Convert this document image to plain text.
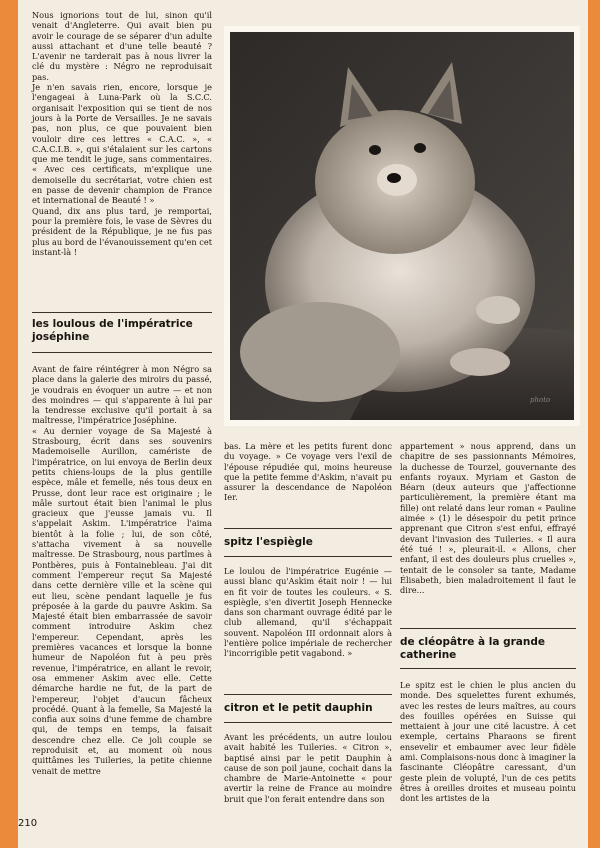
Nous ignorions tout de lui, sinon qu'il venait d'Angleterre. Qui avait bien pu avoir le courage de se séparer d'un adulte aussi attachant et d'une telle beauté ? L'avenir ne tarderait pas à nous livrer la clé du mystère : Négro ne reproduisait pas.

Je n'en savais rien, encore, lorsque je l'engageai à Luna-Park où la S.C.C. organisait l'exposition qui se tient de nos jours à la Porte de Versailles. Je ne savais pas, non plus, ce que pouvaient bien vouloir dire ces lettres « C.A.C. », « C.A.C.I.B. », qui s'étalaient sur les cartons que me tendit le juge, sans commentaires. « Avec ces certificats, m'explique une demoiselle du secrétariat, votre chien est en passe de devenir champion de France et international de Beauté ! »

Quand, dix ans plus tard, je remportai, pour la première fois, le vase de Sèvres du président de la République, je ne fus pas plus au bord de l'évanouissement qu'en cet instant-là !

les loulous de l'impératrice joséphine

Avant de faire réintégrer à mon Négro sa place dans la galerie des miroirs du passé, je voudrais en évoquer un autre — et non des moindres — qui s'apparente à lui par la tendresse exclusive qu'il portait à sa maîtresse, l'impératrice Joséphine.

« Au dernier voyage de Sa Majesté à Strasbourg, écrit dans ses souvenirs Mademoiselle Aurillon, camériste de l'impératrice, on lui envoya de Berlin deux petits chiens-loups de la plus gentille espèce, mâle et femelle, nés tous deux en Prusse, dont leur race est originaire ; le mâle surtout était bien l'animal le plus gracieux que j'eusse jamais vu. Il s'appelait Askim. L'impératrice l'aima bientôt à la folie ; lui, de son côté, s'attacha vivement à sa nouvelle maîtresse. De Strasbourg, nous partîmes à Pontbères, puis à Fontainebleau. J'ai dit comment l'empereur reçut Sa Majesté dans cette dernière ville et la scène qui eut lieu, scène pendant laquelle je fus préposée à la garde du pauvre Askim. Sa Majesté était bien embarrassée de savoir comment introduire Askim chez l'empereur. Cependant, après les premières vacances et lorsque la bonne humeur de Napoléon fut à peu près revenue, l'impératrice, en allant le revoir, osa emmener Askim avec elle. Cette démarche hardie ne fut, de la part de l'empereur, l'objet d'aucun fâcheux procédé. Quant à la femelle, Sa Majesté la confia aux soins d'une femme de chambre qui, de temps en temps, la faisait descendre chez elle. Ce joli couple se reproduisit et, au moment où nous quittâmes les Tuileries, la petite chienne venait de mettre

photo
bas. La mère et les petits furent donc du voyage. » Ce voyage vers l'exil de l'épouse répudiée qui, moins heureuse que la petite femme d'Askim, n'avait pu assurer la descendance de Napoléon Ier.
spitz l'espiègle
Le loulou de l'impératrice Eugénie — aussi blanc qu'Askim était noir ! — lui en fit voir de toutes les couleurs. « S. espiègle, s'en divertit Joseph Hennecke dans son charmant ouvrage édité par le club allemand, qu'il s'échappait souvent. Napoléon III ordonnait alors à l'entière police impériale de rechercher l'incorrigible petit vagabond. »
citron et le petit dauphin
Avant les précédents, un autre loulou avait habité les Tuileries. « Citron », baptisé ainsi par le petit Dauphin à cause de son poil jaune, cochait dans la chambre de Marie-Antoinette « pour avertir la reine de France au moindre bruit que l'on ferait entendre dans son
appartement » nous apprend, dans un chapitre de ses passionnants Mémoires, la duchesse de Tourzel, gouvernante des enfants royaux. Myriam et Gaston de Béarn (deux auteurs que j'affectionne particulièrement, la première étant ma fille) ont relaté dans leur roman « Pauline aimée » (1) le désespoir du petit prince apprenant que Citron s'est enfui, effrayé devant l'invasion des Tuileries. « Il aura été tué ! », pleurait-il. « Allons, cher enfant, il est des douleurs plus cruelles », tentait de le consoler sa tante, Madame Élisabeth, bien maladroitement il faut le dire...
de cléopâtre à la grande catherine
Le spitz est le chien le plus ancien du monde. Des squelettes furent exhumés, avec les restes de leurs maîtres, au cours des fouilles opérées en Suisse qui mettaient à jour une cité lacustre. À cet exemple, certains Pharaons se firent ensevelir et embaumer avec leur fidèle ami. Complaisons-nous donc à imaginer la fascinante Cléopâtre caressant, d'un geste plein de volupté, l'un de ces petits êtres à oreilles droites et museau pointu dont les artistes de la
210
